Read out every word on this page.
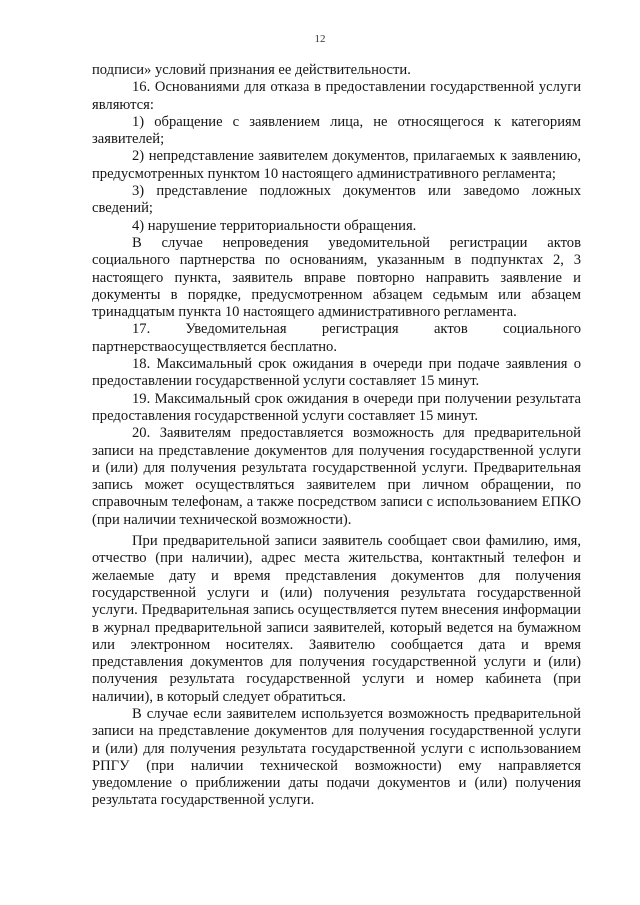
12

подписи» условий признания ее действительности.

16. Основаниями для отказа в предоставлении государственной услуги являются:

1) обращение с заявлением лица, не относящегося к категориям заявителей;

2) непредставление заявителем документов, прилагаемых к заявлению, предусмотренных пунктом 10 настоящего административного регламента;

3) представление подложных документов или заведомо ложных сведений;

4) нарушение территориальности обращения.

В случае непроведения уведомительной регистрации актов социального партнерства по основаниям, указанным в подпунктах 2, 3 настоящего пункта, заявитель вправе повторно направить заявление и документы в порядке, предусмотренном абзацем седьмым или абзацем тринадцатым пункта 10 настоящего административного регламента.

17. Уведомительная регистрация актов социального партнерстваосуществляется бесплатно.

18. Максимальный срок ожидания в очереди при подаче заявления о предоставлении государственной услуги составляет 15 минут.

19. Максимальный срок ожидания в очереди при получении результата предоставления государственной услуги составляет 15 минут.

20. Заявителям предоставляется возможность для предварительной записи на представление документов для получения государственной услуги и (или) для получения результата государственной услуги. Предварительная запись может осуществляться заявителем при личном обращении, по справочным телефонам, а также посредством записи с использованием ЕПКО (при наличии технической возможности).

При предварительной записи заявитель сообщает свои фамилию, имя, отчество (при наличии), адрес места жительства, контактный телефон и желаемые дату и время представления документов для получения государственной услуги и (или) получения результата государственной услуги. Предварительная запись осуществляется путем внесения информации в журнал предварительной записи заявителей, который ведется на бумажном или электронном носителях. Заявителю сообщается дата и время представления документов для получения государственной услуги и (или) получения результата государственной услуги и номер кабинета (при наличии), в который следует обратиться.

В случае если заявителем используется возможность предварительной записи на представление документов для получения государственной услуги и (или) для получения результата государственной услуги с использованием РПГУ (при наличии технической возможности) ему направляется уведомление о приближении даты подачи документов и (или) получения результата государственной услуги.
